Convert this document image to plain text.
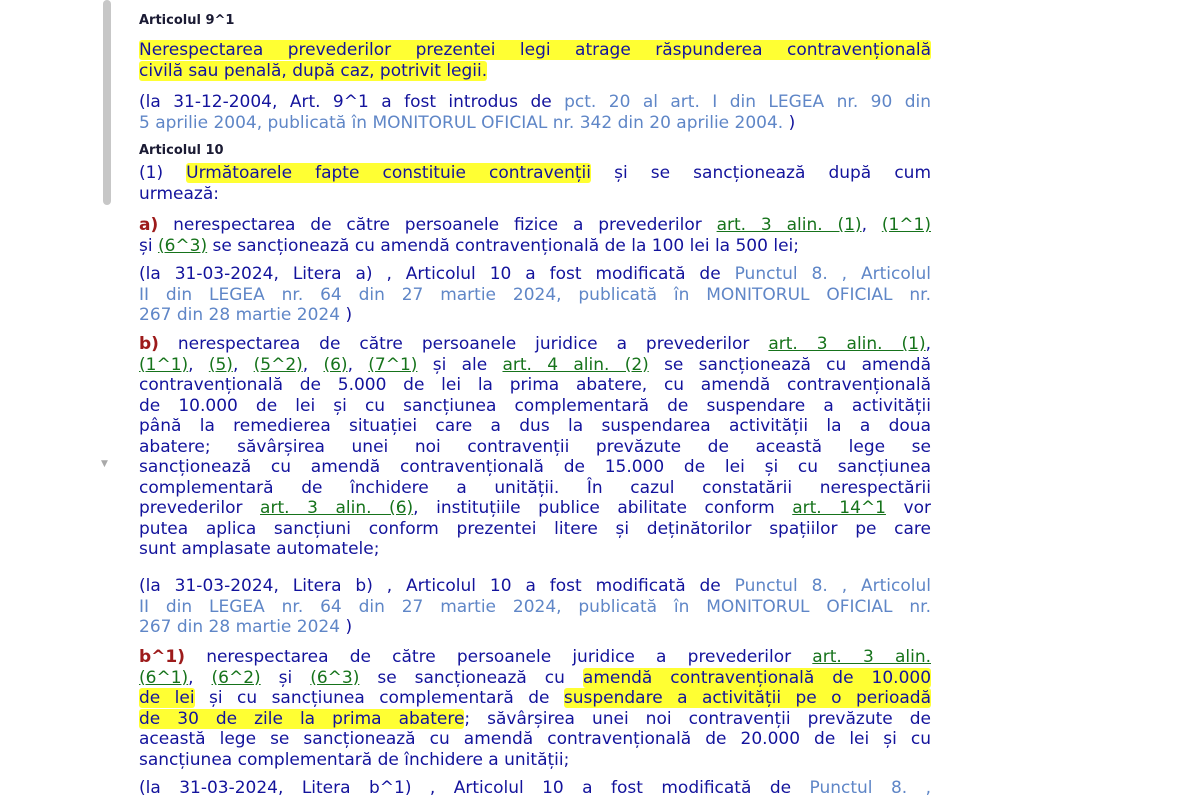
▼
Articolul 9^1
Nerespectarea prevederilor prezentei legi atrage răspunderea contravențională
civilă sau penală, după caz, potrivit legii.
(la 31-12-2004, Art. 9^1 a fost introdus de pct. 20 al art. I din LEGEA nr. 90 din
5 aprilie 2004, publicată în MONITORUL OFICIAL nr. 342 din 20 aprilie 2004. )
Articolul 10
(1) Următoarele fapte constituie contravenții și se sancționează după cum
urmează:
a) nerespectarea de către persoanele fizice a prevederilor art. 3 alin. (1), (1^1)
și (6^3) se sancționează cu amendă contravențională de la 100 lei la 500 lei;
(la 31-03-2024, Litera a) , Articolul 10 a fost modificată de Punctul 8. , Articolul
II din LEGEA nr. 64 din 27 martie 2024, publicată în MONITORUL OFICIAL nr.
267 din 28 martie 2024 )
b) nerespectarea de către persoanele juridice a prevederilor art. 3 alin. (1),
(1^1), (5), (5^2), (6), (7^1) și ale art. 4 alin. (2) se sancționează cu amendă
contravențională de 5.000 de lei la prima abatere, cu amendă contravențională
de 10.000 de lei și cu sancțiunea complementară de suspendare a activității
până la remedierea situației care a dus la suspendarea activității la a doua
abatere; săvârșirea unei noi contravenții prevăzute de această lege se
sancționează cu amendă contravențională de 15.000 de lei și cu sancțiunea
complementară de închidere a unității. În cazul constatării nerespectării
prevederilor art. 3 alin. (6), instituțiile publice abilitate conform art. 14^1 vor
putea aplica sancțiuni conform prezentei litere și deținătorilor spațiilor pe care
sunt amplasate automatele;
(la 31-03-2024, Litera b) , Articolul 10 a fost modificată de Punctul 8. , Articolul
II din LEGEA nr. 64 din 27 martie 2024, publicată în MONITORUL OFICIAL nr.
267 din 28 martie 2024 )
b^1) nerespectarea de către persoanele juridice a prevederilor art. 3 alin.
(6^1), (6^2) și (6^3) se sancționează cu amendă contravențională de 10.000
de lei și cu sancțiunea complementară de suspendare a activității pe o perioadă
de 30 de zile la prima abatere; săvârșirea unei noi contravenții prevăzute de
această lege se sancționează cu amendă contravențională de 20.000 de lei și cu
sancțiunea complementară de închidere a unității;
(la 31-03-2024, Litera b^1) , Articolul 10 a fost modificată de Punctul 8. ,
